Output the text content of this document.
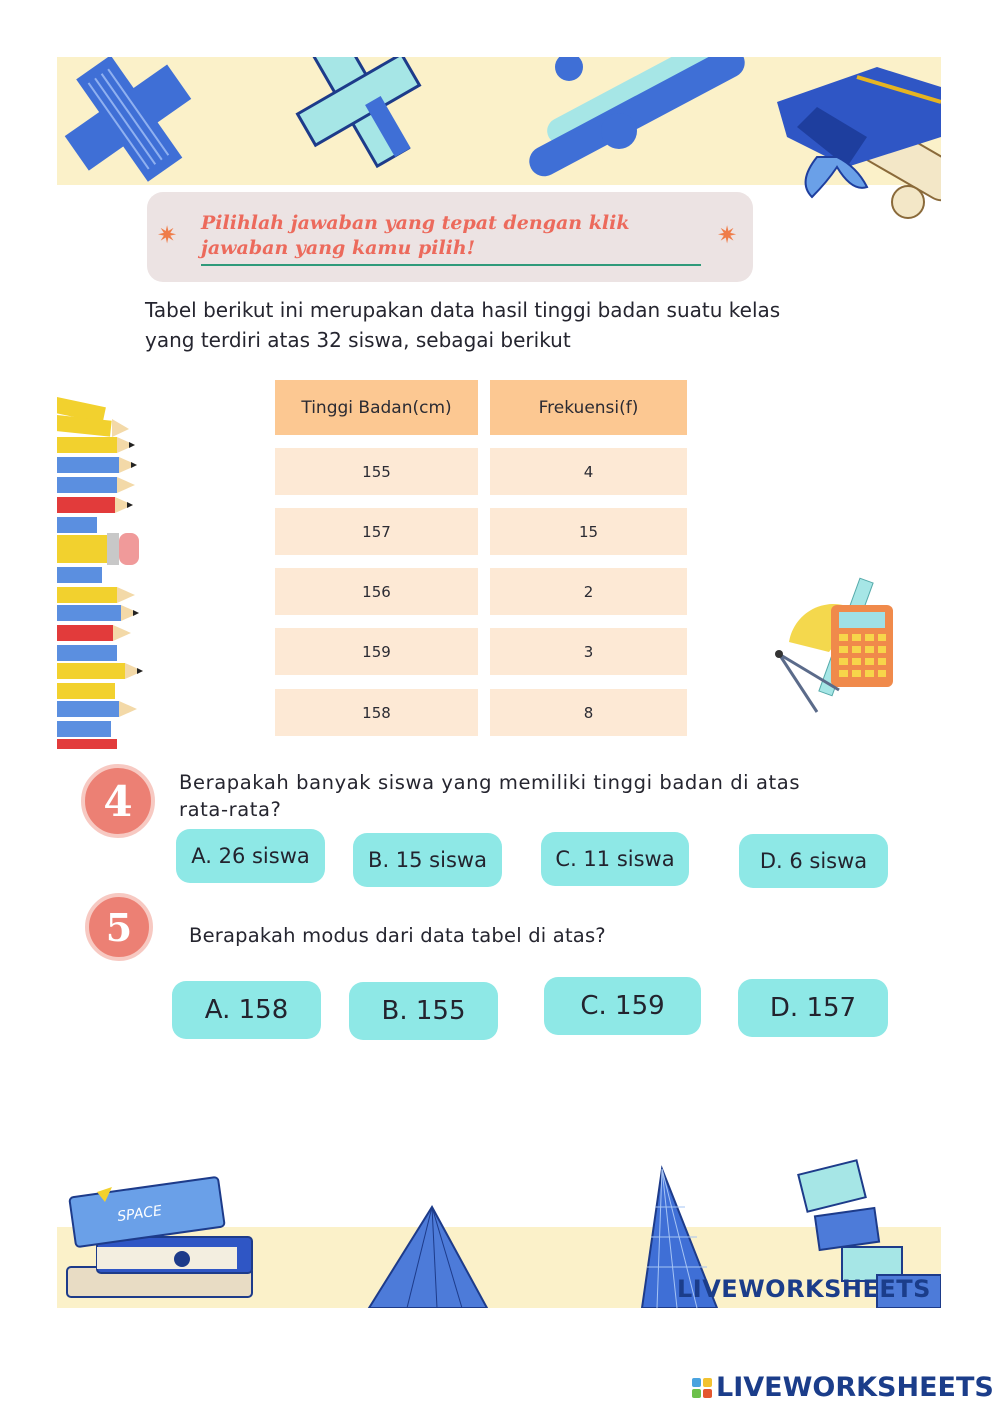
✷ Pilihlah jawaban yang tepat dengan klik jawaban yang kamu pilih!	✷
Tabel berikut ini merupakan data hasil tinggi badan suatu kelas yang terdiri atas 32 siswa, sebagai berikut
Tinggi Badan(cm)	Frekuensi(f)
155	4
157	15
156	2
159	3
158	8
4	Berapakah banyak siswa yang memiliki tinggi badan di atas rata-rata?
A. 26 siswa	B. 15 siswa	C. 11 siswa	D. 6 siswa
5	Berapakah modus dari data tabel di atas?
A. 158	B. 155	C. 159	D. 157
SPACE
LIVEWORKSHEETS
LIVEWORKSHEETS
